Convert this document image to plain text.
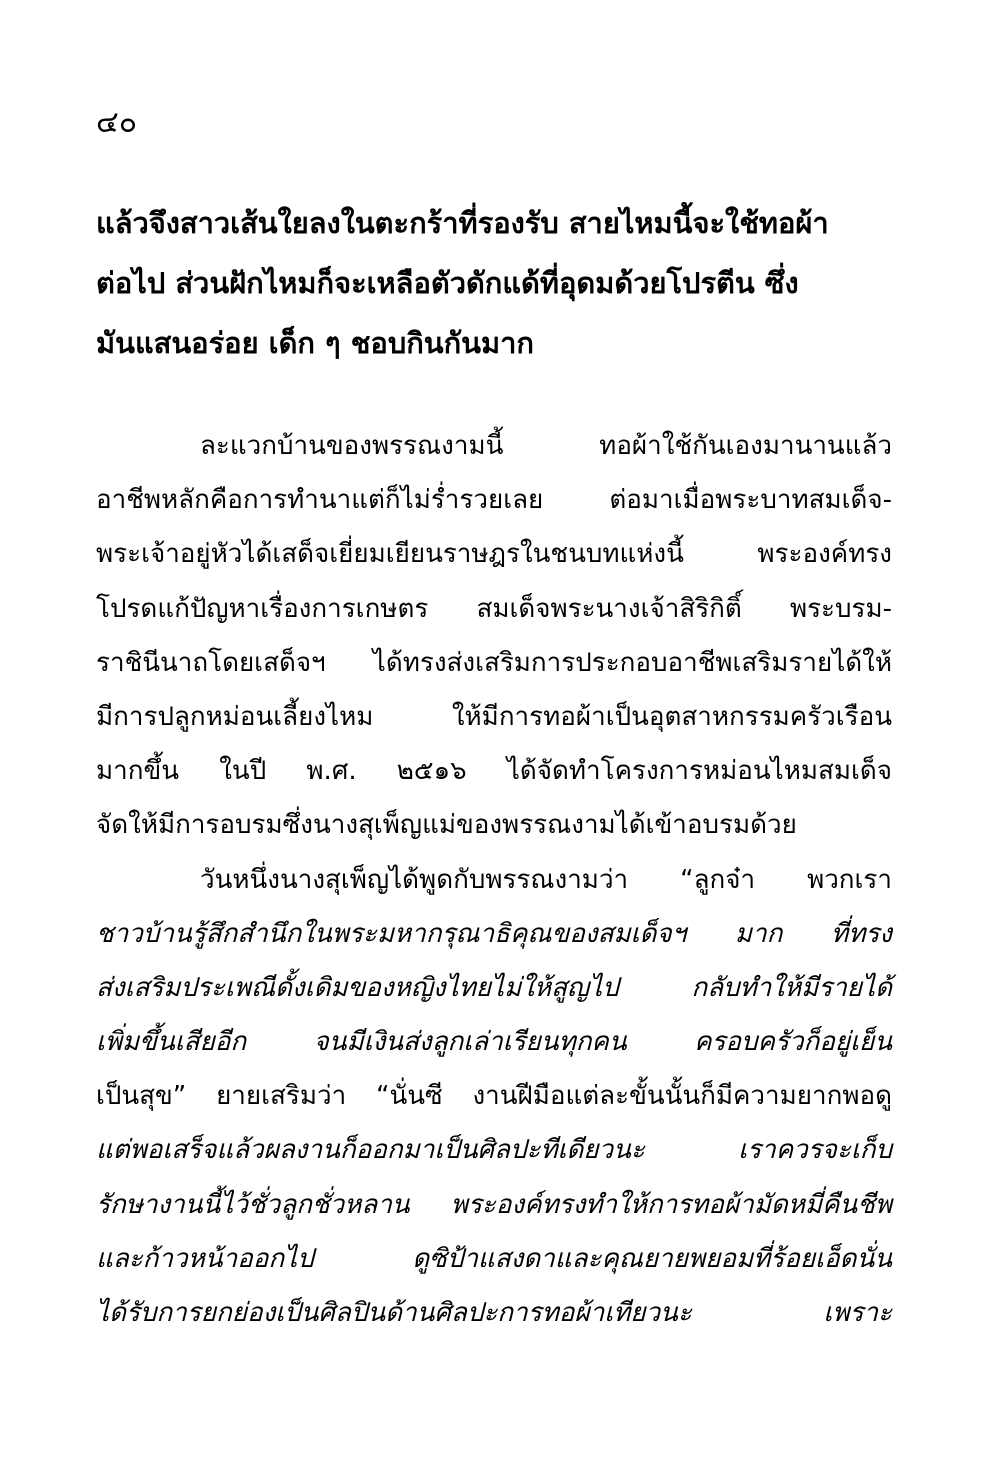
๔๐
แล้วจึงสาวเส้นใยลงในตะกร้าที่รองรับ สายไหมนี้จะใช้ทอผ้า
ต่อไป ส่วนฝักไหมก็จะเหลือตัวดักแด้ที่อุดมด้วยโปรตีน ซึ่ง
มันแสนอร่อย เด็ก ๆ ชอบกินกันมาก
ละแวกบ้านของพรรณงามนี้ ทอผ้าใช้กันเองมานานแล้ว
อาชีพหลักคือการทำนาแต่ก็ไม่ร่ำรวยเลย ต่อมาเมื่อพระบาทสมเด็จ-
พระเจ้าอยู่หัวได้เสด็จเยี่ยมเยียนราษฎรในชนบทแห่งนี้ พระองค์ทรง
โปรดแก้ปัญหาเรื่องการเกษตร สมเด็จพระนางเจ้าสิริกิติ์ พระบรม-
ราชินีนาถโดยเสด็จฯ ได้ทรงส่งเสริมการประกอบอาชีพเสริมรายได้ให้
มีการปลูกหม่อนเลี้ยงไหม ให้มีการทอผ้าเป็นอุตสาหกรรมครัวเรือน
มากขึ้น ในปี พ.ศ. ๒๕๑๖ ได้จัดทำโครงการหม่อนไหมสมเด็จ
จัดให้มีการอบรมซึ่งนางสุเพ็ญแม่ของพรรณงามได้เข้าอบรมด้วย
วันหนึ่งนางสุเพ็ญได้พูดกับพรรณงามว่า “ลูกจ๋า พวกเรา
ชาวบ้านรู้สึกสำนึกในพระมหากรุณาธิคุณของสมเด็จฯ มาก ที่ทรง
ส่งเสริมประเพณีดั้งเดิมของหญิงไทยไม่ให้สูญไป กลับทำให้มีรายได้
เพิ่มขึ้นเสียอีก จนมีเงินส่งลูกเล่าเรียนทุกคน ครอบครัวก็อยู่เย็น
เป็นสุข” ยายเสริมว่า “นั่นซี งานฝีมือแต่ละขั้นนั้นก็มีความยากพอดู
แต่พอเสร็จแล้วผลงานก็ออกมาเป็นศิลปะทีเดียวนะ เราควรจะเก็บ
รักษางานนี้ไว้ชั่วลูกชั่วหลาน พระองค์ทรงทำให้การทอผ้ามัดหมี่คืนชีพ
และก้าวหน้าออกไป ดูซิป้าแสงดาและคุณยายพยอมที่ร้อยเอ็ดนั่น
ได้รับการยกย่องเป็นศิลปินด้านศิลปะการทอผ้าเทียวนะ เพราะ
